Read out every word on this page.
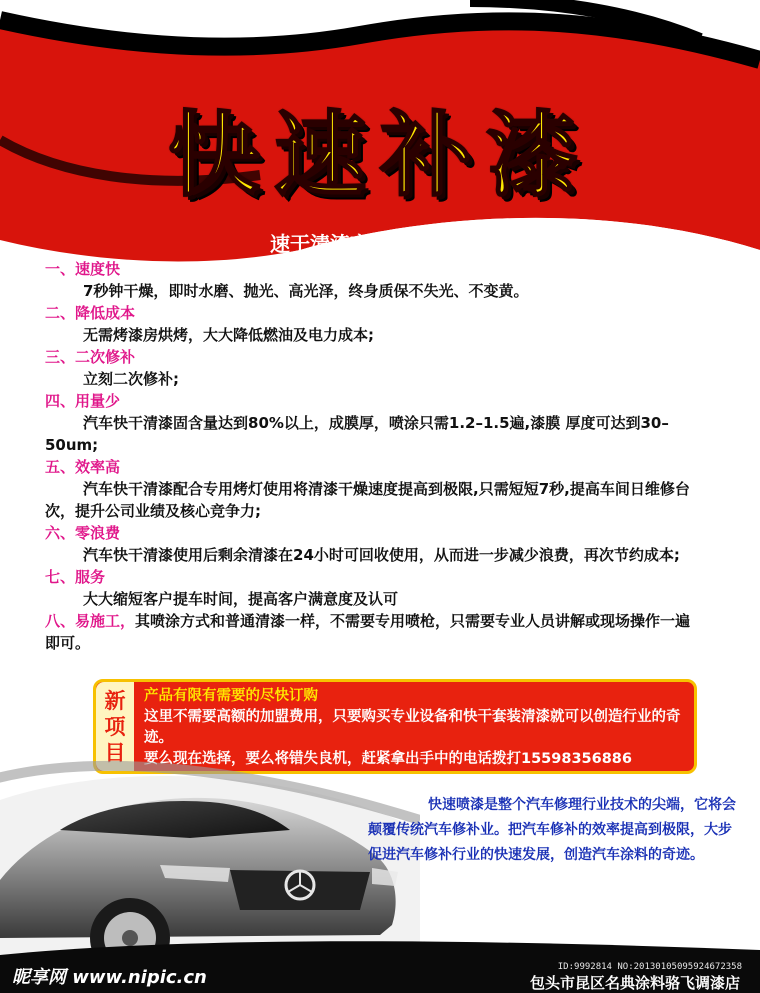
快速补漆
速干清漆产品特点
一、速度快
7秒钟干燥，即时水磨、抛光、高光泽，终身质保不失光、不变黄。
二、降低成本
无需烤漆房烘烤，大大降低燃油及电力成本;
三、二次修补
立刻二次修补;
四、用量少
汽车快干清漆固含量达到80%以上，成膜厚，喷涂只需1.2–1.5遍,漆膜 厚度可达到30–50um;
五、效率高
汽车快干清漆配合专用烤灯使用将清漆干燥速度提高到极限,只需短短7秒,提高车间日维修台次，提升公司业绩及核心竞争力;
六、零浪费
汽车快干清漆使用后剩余清漆在24小时可回收使用，从而进一步减少浪费，再次节约成本;
七、服务
大大缩短客户提车时间，提高客户满意度及认可
八、易施工，其喷涂方式和普通清漆一样，不需要专用喷枪，只需要专业人员讲解或现场操作一遍即可。
新
项
目
产品有限有需要的尽快订购
这里不需要高额的加盟费用，只要购买专业设备和快干套装清漆就可以创造行业的奇迹。
要么现在选择，要么将错失良机，赶紧拿出手中的电话拨打15598356886

快速喷漆是整个汽车修理行业技术的尖端，它将会颠覆传统汽车修补业。把汽车修补的效率提高到极限，大步促进汽车修补行业的快速发展，创造汽车涂料的奇迹。

昵享网 www.nipic.cn	ID:9992814 NO:20130105095924672358
包头市昆区名典涂料骆飞调漆店
